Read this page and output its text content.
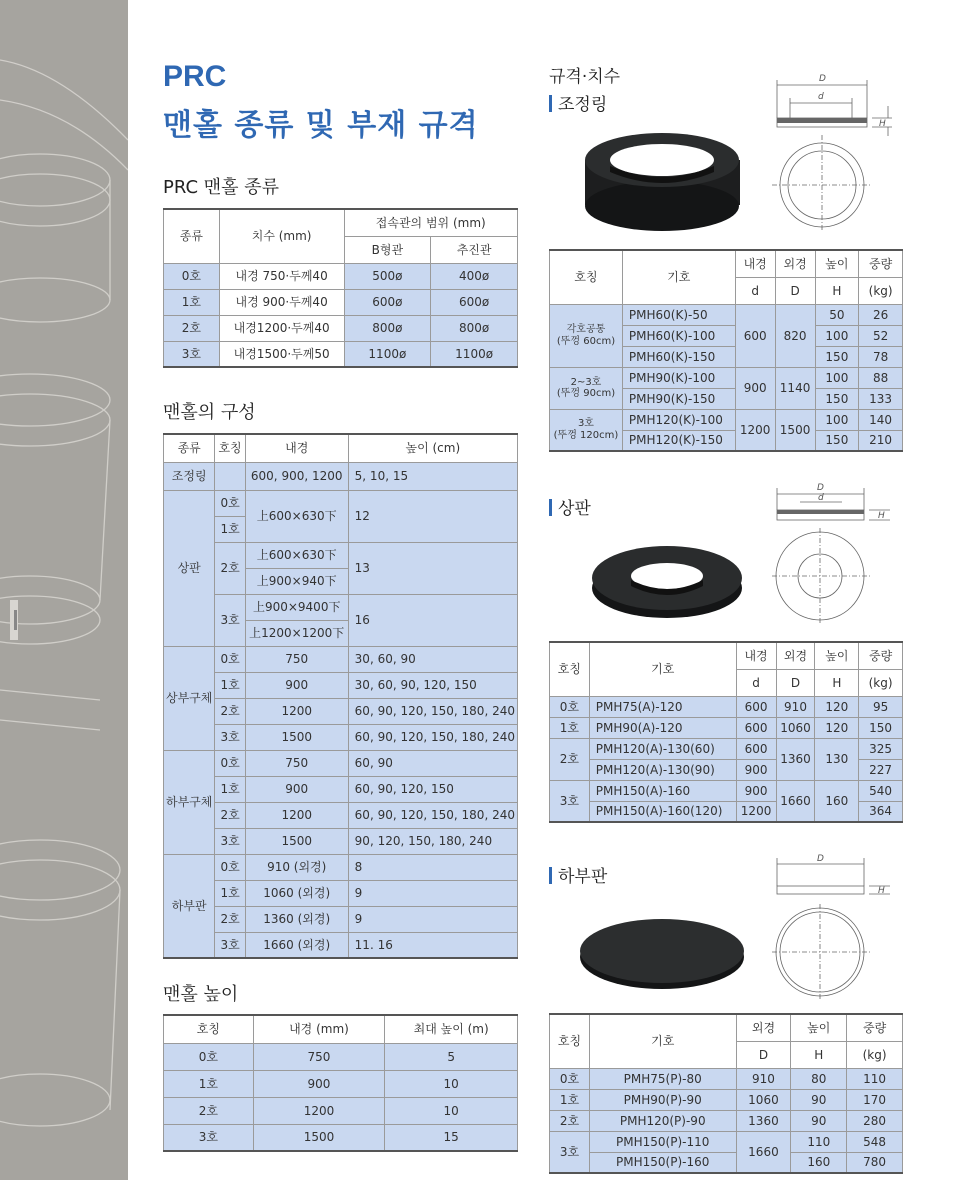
PRC
맨홀 종류 및 부재 규격
PRC 맨홀 종류
종류	치수 (mm)	접속관의 범위 (mm)	
		B형관	추진관
0호	내경 750·두께40	500ø	400ø
1호	내경 900·두께40	600ø	600ø
2호	내경1200·두께40	800ø	800ø
3호	내경1500·두께50	1100ø	1100ø
맨홀의 구성
종류	호칭	내경	높이 (cm)
조정링		600, 900, 1200	5, 10, 15
상판	0호	上600×630下	12
	1호		
	2호	上600×630下	13
		上900×940下	
	3호	上900×9400下	16
		上1200×1200下	
상부구체	0호	750	30, 60, 90
	1호	900	30, 60, 90, 120, 150
	2호	1200	60, 90, 120, 150, 180, 240
	3호	1500	60, 90, 120, 150, 180, 240
하부구체	0호	750	60, 90
	1호	900	60, 90, 120, 150
	2호	1200	60, 90, 120, 150, 180, 240
	3호	1500	90, 120, 150, 180, 240
하부판	0호	910 (외경)	8
	1호	1060 (외경)	9
	2호	1360 (외경)	9
	3호	1660 (외경)	11. 16
맨홀 높이
호칭	내경 (mm)	최대 높이 (m)
0호	750	5
1호	900	10
2호	1200	10
3호	1500	15
규격·치수
조정링
D
d
H
호칭	기호	내경	외경	높이	중량
		d	D	H	(kg)
각호공통
(뚜껑 60cm)	PMH60(K)-50	600	820	50	26
	PMH60(K)-100			100	52
	PMH60(K)-150			150	78
2~3호
(뚜껑 90cm)	PMH90(K)-100	900	1140	100	88
	PMH90(K)-150			150	133
3호
(뚜껑 120cm)	PMH120(K)-100	1200	1500	100	140
	PMH120(K)-150			150	210
상판
D
d
H
호칭	기호	내경	외경	높이	중량
		d	D	H	(kg)
0호	PMH75(A)-120	600	910	120	95
1호	PMH90(A)-120	600	1060	120	150
2호	PMH120(A)-130(60)	600	1360	130	325
	PMH120(A)-130(90)	900			227
3호	PMH150(A)-160	900	1660	160	540
	PMH150(A)-160(120)	1200			364
하부판
D
H
호칭	기호	외경	높이	중량
		D	H	(kg)
0호	PMH75(P)-80	910	80	110
1호	PMH90(P)-90	1060	90	170
2호	PMH120(P)-90	1360	90	280
3호	PMH150(P)-110	1660	110	548
	PMH150(P)-160		160	780
